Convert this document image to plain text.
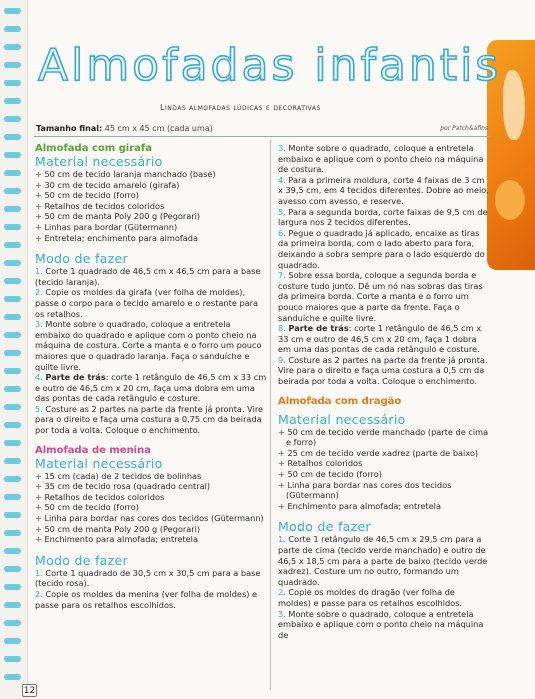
Almofadas infantis
Lindas almofadas lúdicas e decorativas
Tamanho final: 45 cm x 45 cm (cada uma)	por Patch&afins
Almofada com girafa
Material necessário
+ 50 cm de tecido laranja manchado (base)
+ 30 cm de tecido amarelo (girafa)
+ 50 cm de tecido (forro)
+ Retalhos de tecidos coloridos
+ 50 cm de manta Poly 200 g (Pegorari)
+ Linhas para bordar (Gütermann)
+ Entretela; enchimento para almofada
Modo de fazer
1. Corte 1 quadrado de 46,5 cm x 46,5 cm para a base (tecido laranja).
2. Copie os moldes da girafa (ver folha de moldes), passe o corpo para o tecido amarelo e o restante para os retalhos.
3. Monte sobre o quadrado, coloque a entretela embaixo do quadrado e aplique com o ponto cheio na máquina de costura. Corte a manta e o forro um pouco maiores que o quadrado laranja. Faça o sanduíche e quilte livre.
4. Parte de trás: corte 1 retângulo de 46,5 cm x 33 cm e outro de 46,5 cm x 20 cm, faça uma dobra em uma das pontas de cada retângulo e costure.
5. Costure as 2 partes na parte da frente já pronta. Vire para o direito e faça uma costura a 0,75 cm da beirada por toda a volta. Coloque o enchimento.
Almofada de menina
Material necessário
+ 15 cm (cada) de 2 tecidos de bolinhas
+ 35 cm de tecido rosa (quadrado central)
+ Retalhos de tecidos coloridos
+ 50 cm de tecido (forro)
+ Linha para bordar nas cores dos tecidos (Gütermann)
+ 50 cm de manta Poly 200 g (Pegorari)
+ Enchimento para almofada; entretela
Modo de fazer
1. Corte 1 quadrado de 30,5 cm x 30,5 cm para a base (tecido rosa).
2. Copie os moldes da menina (ver folha de moldes) e passe para os retalhos escolhidos.
3. Monte sobre o quadrado, coloque a entretela embaixo e aplique com o ponto cheio na máquina de costura.
4. Para a primeira moldura, corte 4 faixas de 3 cm x 39,5 cm, em 4 tecidos diferentes. Dobre ao meio, avesso com avesso, e reserve.
5. Para a segunda borda, corte faixas de 9,5 cm de largura nos 2 tecidos diferentes.
6. Pegue o quadrado já aplicado, encaixe as tiras da primeira borda, com o lado aberto para fora, deixando a sobra sempre para o lado esquerdo do quadrado.
7. Sobre essa borda, coloque a segunda borda e costure tudo junto. Dê um nó nas sobras das tiras da primeira borda. Corte a manta e o forro um pouco maiores que a parte da frente. Faça o sanduíche e quilte livre.
8. Parte de trás: corte 1 retângulo de 46,5 cm x 33 cm e outro de 46,5 cm x 20 cm, faça 1 dobra em uma das pontas de cada retângulo e costure.
9. Costure as 2 partes na parte da frente já pronta. Vire para o direito e faça uma costura a 0,5 cm da beirada por toda a volta. Coloque o enchimento.
Almofada com dragão
Material necessário
+ 50 cm de tecido verde manchado (parte de cima e forro)
+ 25 cm de tecido verde xadrez (parte de baixo)
+ Retalhos coloridos
+ 50 cm de tecido (forro)
+ Linha para bordar nas cores dos tecidos (Gütermann)
+ Enchimento para almofada; entretela
Modo de fazer
1. Corte 1 retângulo de 46,5 cm x 29,5 cm para a parte de cima (tecido verde manchado) e outro de 46,5 x 18,5 cm para a parte de baixo (tecido verde xadrez). Costure um no outro, formando um quadrado.
2. Copie os moldes do dragão (ver folha de moldes) e passe para os retalhos escolhidos.
3. Monte sobre o quadrado, coloque a entretela embaixo e aplique com o ponto cheio na máquina de
12
